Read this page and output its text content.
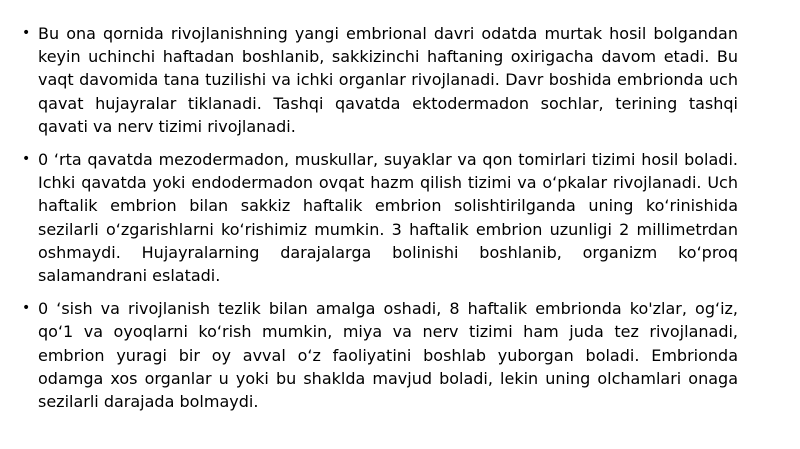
• Bu ona qornida rivojlanishning yangi embrional davri odatda murtak hosil bolgandan keyin uchinchi haftadan boshlanib, sakkizinchi haftaning oxirigacha davom etadi. Bu vaqt davomida tana tuzilishi va ichki organlar rivojlanadi. Davr boshida embrionda uch qavat hujayralar tiklanadi. Tashqi qavatda ektodermadon sochlar, terining tashqi qavati va nerv tizimi rivojlanadi.
• 0 ‘rta qavatda mezodermadon, muskullar, suyaklar va qon tomirlari tizimi hosil boladi. Ichki qavatda yoki endodermadon ovqat hazm qilish tizimi va o‘pkalar rivojlanadi. Uch haftalik embrion bilan sakkiz haftalik embrion solishtirilganda uning ko‘rinishida sezilarli o‘zgarishlarni ko‘rishimiz mumkin. 3 haftalik embrion uzunligi 2 millimetrdan oshmaydi. Hujayralarning darajalarga bolinishi boshlanib, organizm ko‘proq salamandrani eslatadi.
• 0 ‘sish va rivojlanish tezlik bilan amalga oshadi, 8 haftalik embrionda ko'zlar, og‘iz, qo‘1 va oyoqlarni ko‘rish mumkin, miya va nerv tizimi ham juda tez rivojlanadi, embrion yuragi bir oy avval o‘z faoliyatini boshlab yuborgan boladi. Embrionda odamga xos organlar u yoki bu shaklda mavjud boladi, lekin uning olchamlari onaga sezilarli darajada bolmaydi.
